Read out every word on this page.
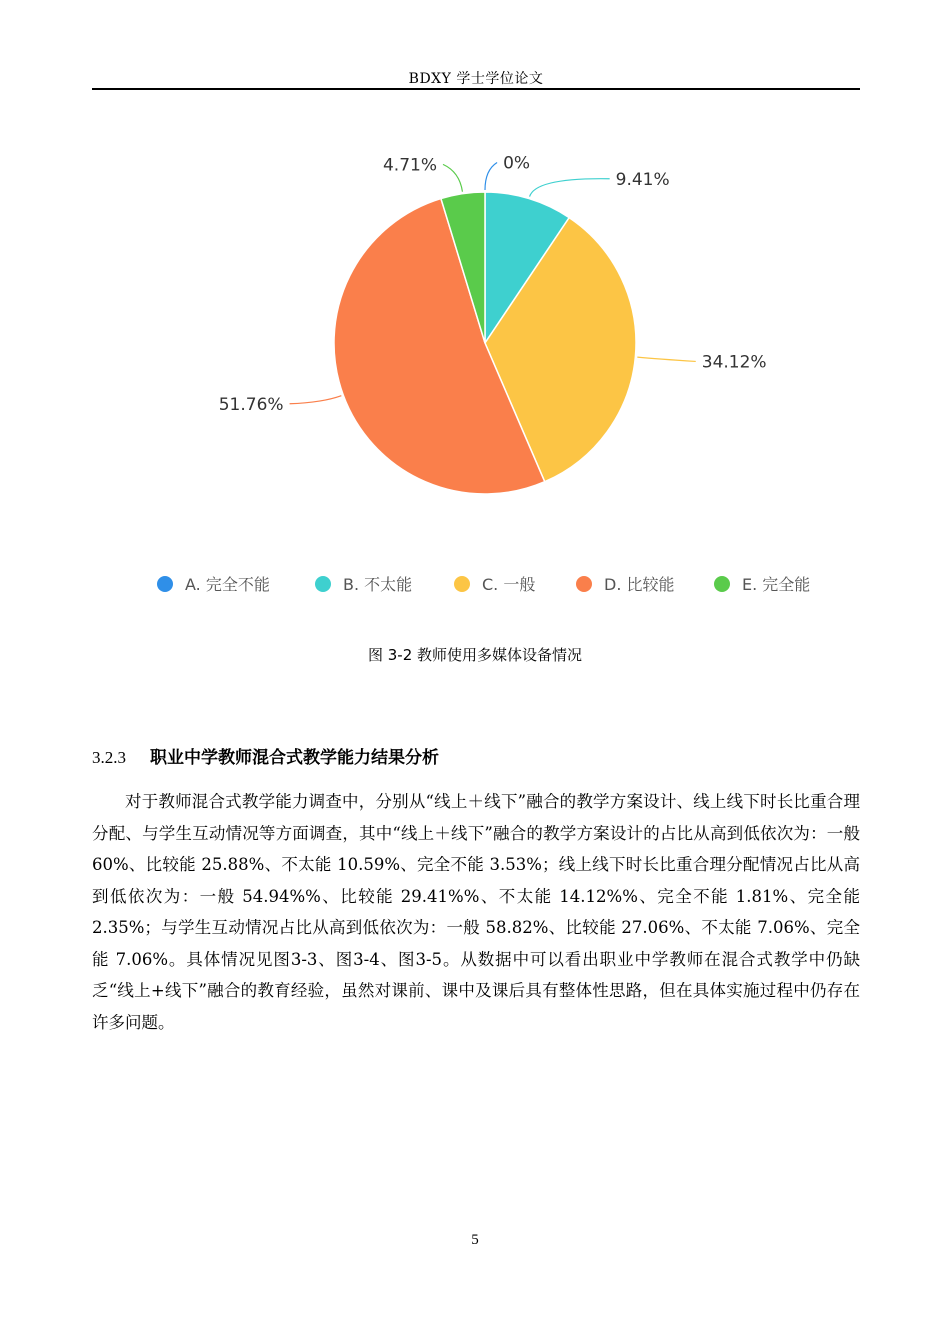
BDXY 学士学位论文
0%
9.41%
34.12%
51.76%
4.71%
A. 完全不能	B. 不太能	C. 一般	D. 比较能	E. 完全能
图 3-2 教师使用多媒体设备情况
3.2.3 职业中学教师混合式教学能力结果分析

对于教师混合式教学能力调查中，分别从“线上＋线下”融合的教学方案设计、线上线下时长比重合理分配、与学生互动情况等方面调查，其中“线上＋线下”融合的教学方案设计的占比从高到低依次为：一般 60%、比较能 25.88%、不太能 10.59%、完全不能 3.53%；线上线下时长比重合理分配情况占比从高到低依次为：一般 54.94%%、比较能 29.41%%、不太能 14.12%%、完全不能 1.81%、完全能 2.35%；与学生互动情况占比从高到低依次为：一般 58.82%、比较能 27.06%、不太能 7.06%、完全能 7.06%。具体情况见图3-3、图3-4、图3-5。从数据中可以看出职业中学教师在混合式教学中仍缺乏“线上+线下”融合的教育经验，虽然对课前、课中及课后具有整体性思路，但在具体实施过程中仍存在许多问题。

5
